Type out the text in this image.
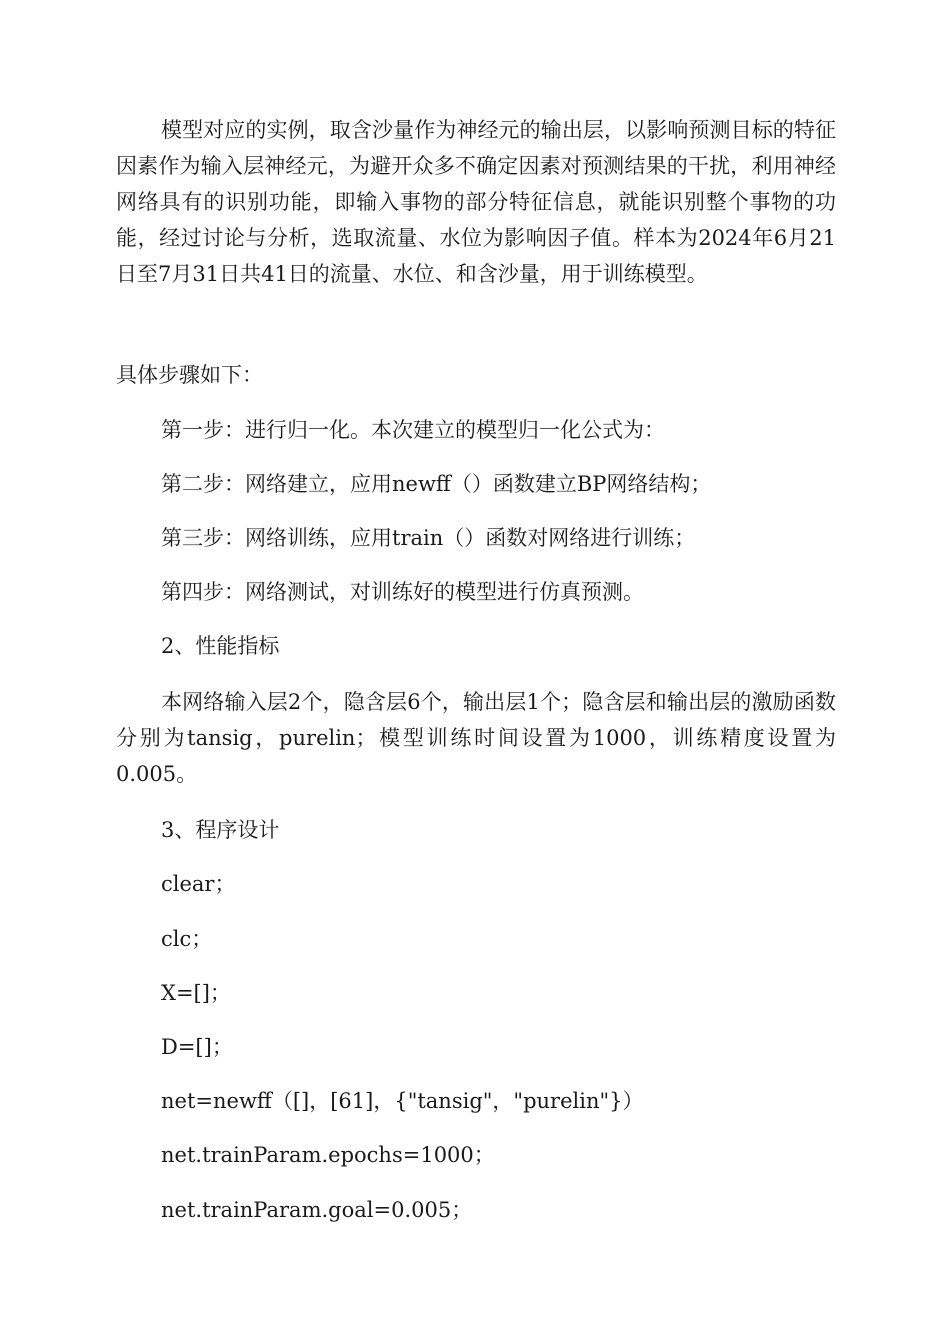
模型对应的实例，取含沙量作为神经元的输出层，以影响预测目标的特征因素作为输入层神经元，为避开众多不确定因素对预测结果的干扰，利用神经网络具有的识别功能，即输入事物的部分特征信息，就能识别整个事物的功能，经过讨论与分析，选取流量、水位为影响因子值。样本为2024年6月21日至7月31日共41日的流量、水位、和含沙量，用于训练模型。

具体步骤如下：

第一步：进行归一化。本次建立的模型归一化公式为：

第二步：网络建立，应用newff（）函数建立BP网络结构；

第三步：网络训练，应用train（）函数对网络进行训练；

第四步：网络测试，对训练好的模型进行仿真预测。

2、性能指标

本网络输入层2个，隐含层6个，输出层1个；隐含层和输出层的激励函数分别为tansig，purelin；模型训练时间设置为1000，训练精度设置为0.005。

3、程序设计

clear；

clc；

X=[]；

D=[]；

net=newff（[]，[61]，{"tansig"，"purelin"}）

net.trainParam.epochs=1000；

net.trainParam.goal=0.005；
